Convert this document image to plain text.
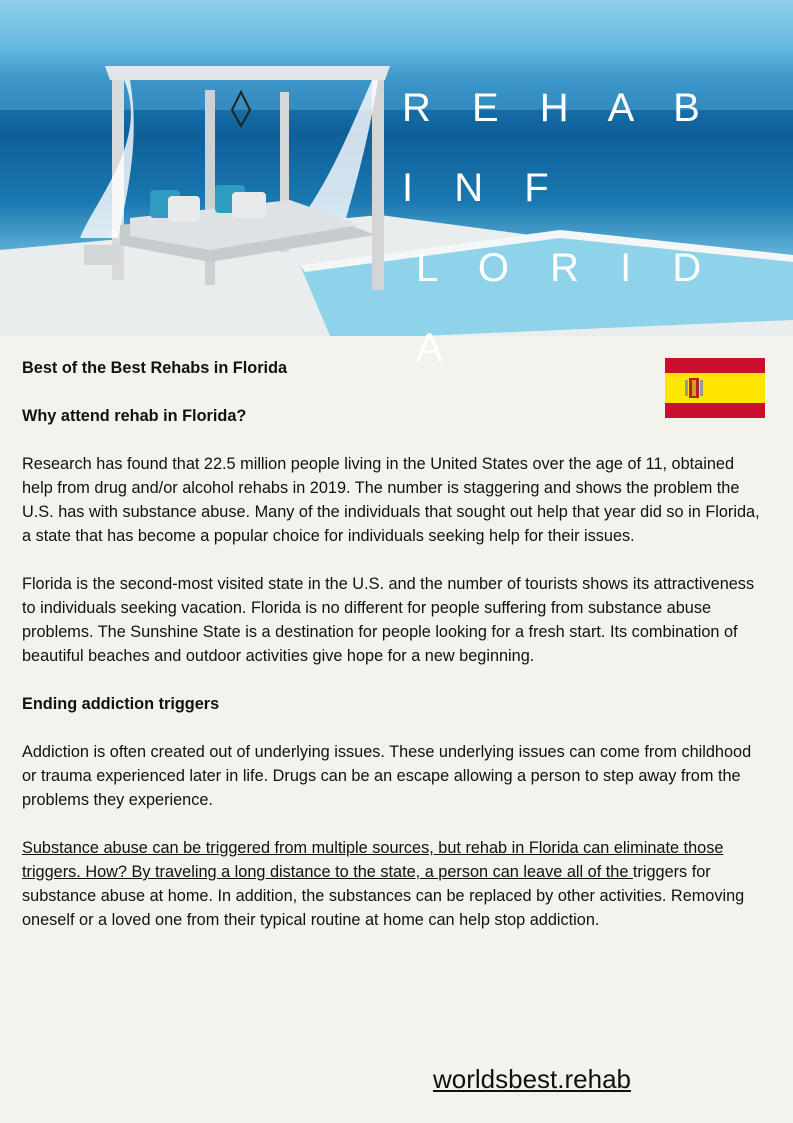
R E H A B I N F
L O R I D A
Best of the Best Rehabs in Florida
Why attend rehab in Florida?

Research has found that 22.5 million people living in the United States over the age of 11, obtained help from drug and/or alcohol rehabs in 2019. The number is staggering and shows the problem the U.S. has with substance abuse. Many of the individuals that sought out help that year did so in Florida, a state that has become a popular choice for individuals seeking help for their issues.

Florida is the second-most visited state in the U.S. and the number of tourists shows its attractiveness to individuals seeking vacation. Florida is no different for people suffering from substance abuse problems. The Sunshine State is a destination for people looking for a fresh start. Its combination of beautiful beaches and outdoor activities give hope for a new beginning.

Ending addiction triggers

Addiction is often created out of underlying issues. These underlying issues can come from childhood or trauma experienced later in life. Drugs can be an escape allowing a person to step away from the problems they experience.

Substance abuse can be triggered from multiple sources, but rehab in Florida can eliminate those triggers. How? By traveling a long distance to the state, a person can leave all of the triggers for substance abuse at home. In addition, the substances can be replaced by other activities. Removing oneself or a loved one from their typical routine at home can help stop addiction.

worldsbest.rehab
